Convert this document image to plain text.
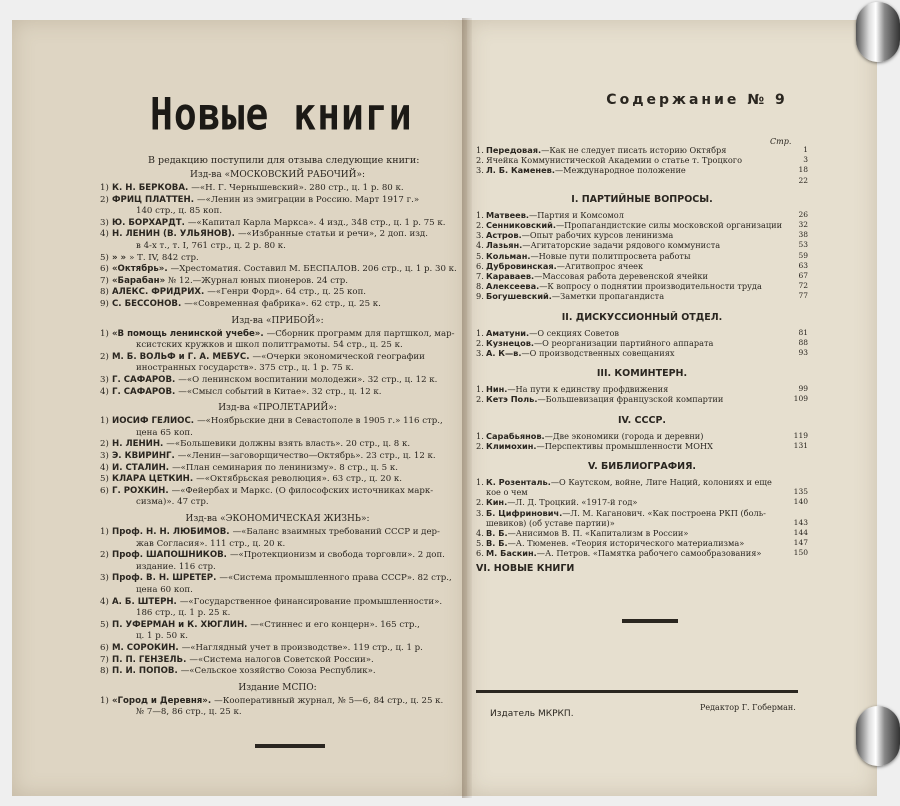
Новые книги
В редакцию поступили для отзыва следующие книги:
Изд-ва «МОСКОВСКИЙ РАБОЧИЙ»:
1) К. Н. БЕРКОВА. —«Н. Г. Чернышевский». 280 стр., ц. 1 р. 80 к.
2) ФРИЦ ПЛАТТЕН. —«Ленин из эмиграции в Россию. Март 1917 г.»
140 стр., ц. 85 коп.
3) Ю. БОРХАРДТ. —«Капитал Карла Маркса». 4 изд., 348 стр., ц. 1 р. 75 к.
4) Н. ЛЕНИН (В. УЛЬЯНОВ). —«Избранные статьи и речи», 2 доп. изд.
в 4-х т., т. I, 761 стр., ц. 2 р. 80 к.
5) » » » Т. IV, 842 стр.
6) «Октябрь». —Хрестоматия. Составил М. БЕСПАЛОВ. 206 стр., ц. 1 р. 30 к.
7) «Барабан» № 12.—Журнал юных пионеров. 24 стр.
8) АЛЕКС. ФРИДРИХ. —«Генри Форд». 64 стр., ц. 25 коп.
9) С. БЕССОНОВ. —«Современная фабрика». 62 стр., ц. 25 к.
Изд-ва «ПРИБОЙ»:
1) «В помощь ленинской учебе». —Сборник программ для партшкол, мар-
ксистских кружков и школ политграмоты. 54 стр., ц. 25 к.
2) М. Б. ВОЛЬФ и Г. А. МЕБУС. —«Очерки экономической географии
иностранных государств». 375 стр., ц. 1 р. 75 к.
3) Г. САФАРОВ. —«О ленинском воспитании молодежи». 32 стр., ц. 12 к.
4) Г. САФАРОВ. —«Смысл событий в Китае». 32 стр., ц. 12 к.
Изд-ва «ПРОЛЕТАРИЙ»:
1) ИОСИФ ГЕЛИОС. —«Ноябрьские дни в Севастополе в 1905 г.» 116 стр.,
цена 65 коп.
2) Н. ЛЕНИН. —«Большевики должны взять власть». 20 стр., ц. 8 к.
3) Э. КВИРИНГ. —«Ленин—заговорщичество—Октябрь». 23 стр., ц. 12 к.
4) И. СТАЛИН. —«План семинария по ленинизму». 8 стр., ц. 5 к.
5) КЛАРА ЦЕТКИН. —«Октябрьская революция». 63 стр., ц. 20 к.
6) Г. РОХКИН. —«Фейербах и Маркс. (О философских источниках марк-
сизма)». 47 стр.
Изд-ва «ЭКОНОМИЧЕСКАЯ ЖИЗНЬ»:
1) Проф. Н. Н. ЛЮБИМОВ. —«Баланс взаимных требований СССР и дер-
жав Согласия». 111 стр., ц. 20 к.
2) Проф. ШАПОШНИКОВ. —«Протекционизм и свобода торговли». 2 доп.
издание. 116 стр.
3) Проф. В. Н. ШРЕТЕР. —«Система промышленного права СССР». 82 стр.,
цена 60 коп.
4) А. Б. ШТЕРН. —«Государственное финансирование промышленности».
186 стр., ц. 1 р. 25 к.
5) П. УФЕРМАН и К. ХЮГЛИН. —«Стиннес и его концерн». 165 стр.,
ц. 1 р. 50 к.
6) М. СОРОКИН. —«Наглядный учет в производстве». 119 стр., ц. 1 р.
7) П. П. ГЕНЗЕЛЬ. —«Система налогов Советской России».
8) П. И. ПОПОВ. —«Сельское хозяйство Союза Республик».
Издание МСПО:
1) «Город и Деревня». —Кооперативный журнал, № 5—6, 84 стр., ц. 25 к.
№ 7—8, 86 стр., ц. 25 к.
Содержание № 9
Стр.
Издатель МКРКП.
Редактор Г. Гоберман.
1. Передовая.—Как не следует писать историю Октября	1
2. Ячейка Коммунистической Академии о статье т. Троцкого	3
3. Л. Б. Каменев.—Международное положение	18
22
I. ПАРТИЙНЫЕ ВОПРОСЫ.
1. Матвеев.—Партия и Комсомол	26
2. Сенниковский.—Пропагандистские силы московской организации 32
3. Астров.—Опыт рабочих курсов ленинизма	38
4. Лазьян.—Агитаторские задачи рядового коммуниста	53
5. Кольман.—Новые пути политпросвета работы	59
6. Дубровинская.—Агитвопрос ячеек	63
7. Караваев.—Массовая работа деревенской ячейки	67
8. Алексеева.—К вопросу о поднятии производительности труда	72
9. Богушевский.—Заметки пропагандиста	77
II. ДИСКУССИОННЫЙ ОТДЕЛ.
1. Аматуни.—О секциях Советов	81
2. Кузнецов.—О реорганизации партийного аппарата	88
3. А. К—в.—О производственных совещаниях	93
III. КОМИНТЕРН.
1. Нин.—На пути к единству профдвижения	99
2. Кетэ Поль.—Большевизация французской компартии	109
IV. СССР.
1. Сарабьянов.—Две экономики (города и деревни)	119
2. Климохин.—Перспективы промышленности МОНХ	131
V. БИБЛИОГРАФИЯ.
1. К. Розенталь.—О Каутском, войне, Лиге Наций, колониях и еще
кое о чем	135
2. Кин.—Л. Д. Троцкий. «1917-й год»	140
3. Б. Цифринович.—Л. М. Каганович. «Как построена РКП (боль-
шевиков) (об уставе партии)»	143
4. В. Б.—Анисимов В. П. «Капитализм в России»	144
5. В. Б.—А. Тюменев. «Теория исторического материализма»	147
6. М. Баскин.—А. Петров. «Памятка рабочего самообразования»	150
VI. НОВЫЕ КНИГИ
